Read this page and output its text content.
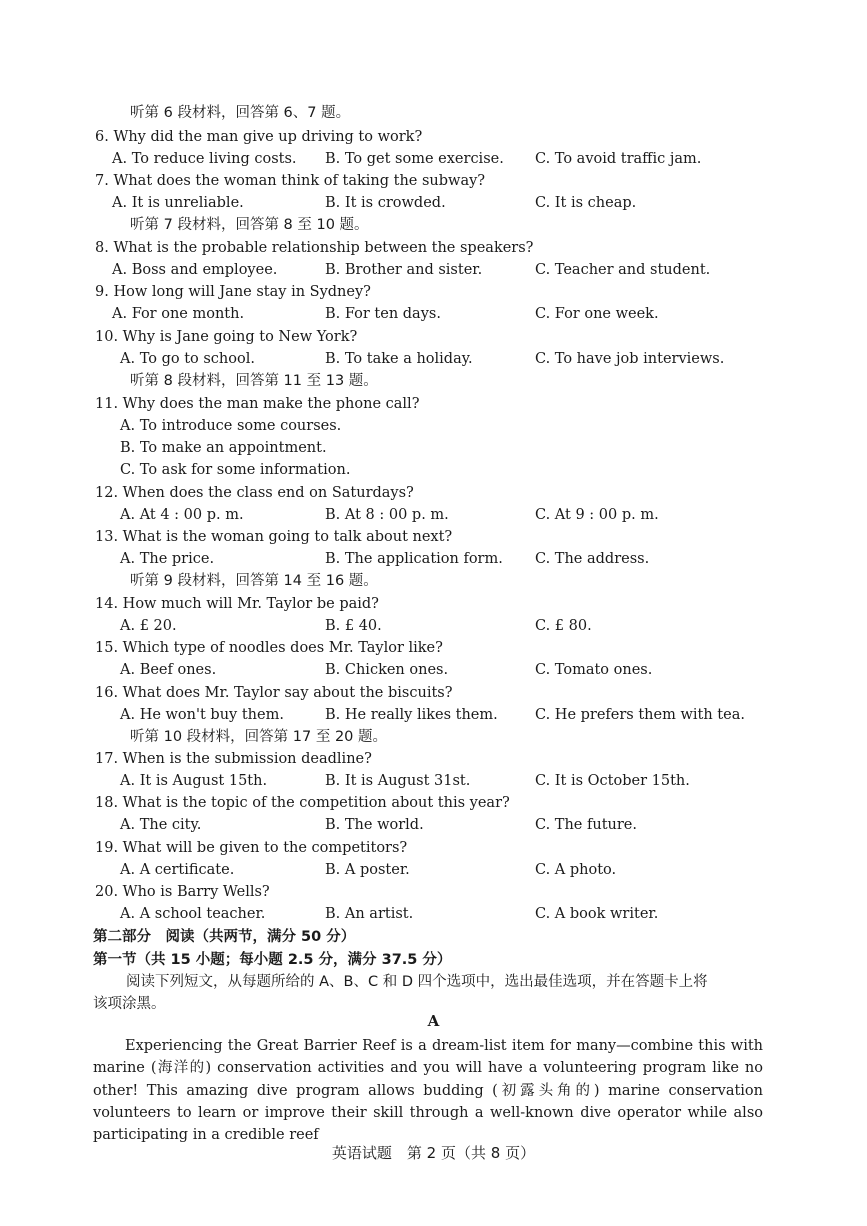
听第 6 段材料，回答第 6、7 题。
6. Why did the man give up driving to work?
A. To reduce living costs. B. To get some exercise. C. To avoid traffic jam.
7. What does the woman think of taking the subway?
A. It is unreliable.	B. It is crowded.	C. It is cheap.
听第 7 段材料，回答第 8 至 10 题。
8. What is the probable relationship between the speakers?
A. Boss and employee.	B. Brother and sister.	C. Teacher and student.
9. How long will Jane stay in Sydney?
A. For one month.	B. For ten days.	C. For one week.
10. Why is Jane going to New York?
A. To go to school.	B. To take a holiday.	C. To have job interviews.
听第 8 段材料，回答第 11 至 13 题。
11. Why does the man make the phone call?
A. To introduce some courses.
B. To make an appointment.
C. To ask for some information.
12. When does the class end on Saturdays?
A. At 4 : 00 p. m.	B. At 8 : 00 p. m.	C. At 9 : 00 p. m.
13. What is the woman going to talk about next?
A. The price.	B. The application form. C. The address.
听第 9 段材料，回答第 14 至 16 题。
14. How much will Mr. Taylor be paid?
A. £ 20.	B. £ 40.	C. £ 80.
15. Which type of noodles does Mr. Taylor like?
A. Beef ones.	B. Chicken ones.	C. Tomato ones.
16. What does Mr. Taylor say about the biscuits?
A. He won't buy them.	B. He really likes them.	C. He prefers them with tea.
听第 10 段材料，回答第 17 至 20 题。
17. When is the submission deadline?
A. It is August 15th.	B. It is August 31st.	C. It is October 15th.
18. What is the topic of the competition about this year?
A. The city.	B. The world.	C. The future.
19. What will be given to the competitors?
A. A certificate.	B. A poster.	C. A photo.
20. Who is Barry Wells?
A. A school teacher.	B. An artist.	C. A book writer.
第二部分　阅读（共两节，满分 50 分）
第一节（共 15 小题；每小题 2.5 分，满分 37.5 分）
阅读下列短文，从每题所给的 A、B、C 和 D 四个选项中，选出最佳选项，并在答题卡上将
该项涂黑。
A
Experiencing the Great Barrier Reef is a dream-list item for many—combine this with marine (海洋的) conservation activities and you will have a volunteering program like no other! This amazing dive program allows budding (初露头角的) marine conservation volunteers to learn or improve their skill through a well-known dive operator while also participating in a credible reef
英语试题　第 2 页（共 8 页）
